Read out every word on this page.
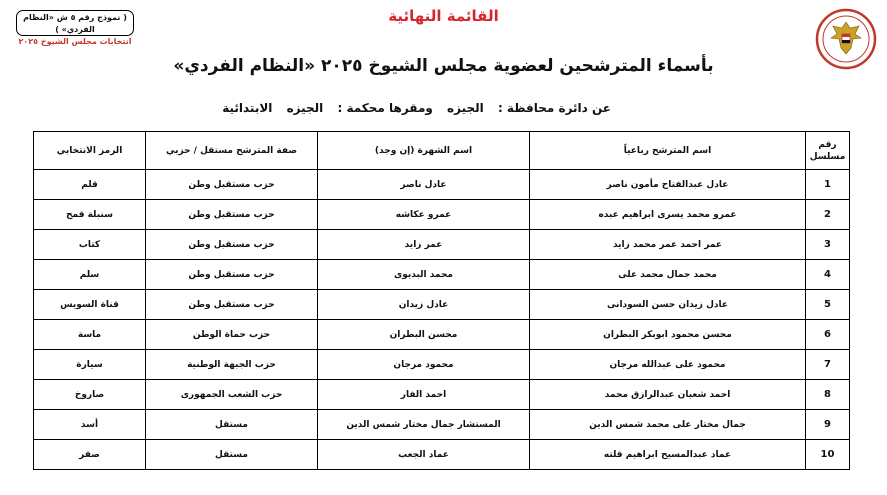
( نموذج رقم ٥ ش «النظام الفردي» )
انتخابات مجلس الشيوخ ٢٠٢٥
القائمة النهائية
بأسماء المترشحين لعضوية مجلس الشيوخ ٢٠٢٥ «النظام الفردي»
عن دائرة محافظة : الجيزه ومقرها محكمة : الجيزه الابتدائية
رقم مسلسل	اسم المترشح رباعياً	اسم الشهرة (إن وجد)	صفة المترشح مستقل / حزبي	الرمز الانتخابي
1	عادل عبدالفتاح مأمون ناصر	عادل ناصر	حزب مستقبل وطن	قلم
2	عمرو محمد يسرى ابراهيم عبده	عمرو عكاشه	حزب مستقبل وطن	سنبلة قمح
3	عمر احمد عمر محمد زايد	عمر زايد	حزب مستقبل وطن	كتاب
4	محمد جمال محمد على	محمد البديوى	حزب مستقبل وطن	سلم
5	عادل زيدان حسن السودانى	عادل زيدان	حزب مستقبل وطن	قناة السويس
6	محسن محمود ابوبكر البطران	محسن البطران	حزب حماة الوطن	ماسة
7	محمود على عبدالله مرجان	محمود مرجان	حزب الجبهة الوطنية	سيارة
8	احمد شعبان عبدالرازق محمد	احمد الفار	حزب الشعب الجمهورى	صاروخ
9	جمال مختار على محمد شمس الدين	المستشار جمال مختار شمس الدين	مستقل	أسد
10	عماد عبدالمسيح ابراهيم قلته	عماد الجعب	مستقل	صقر
